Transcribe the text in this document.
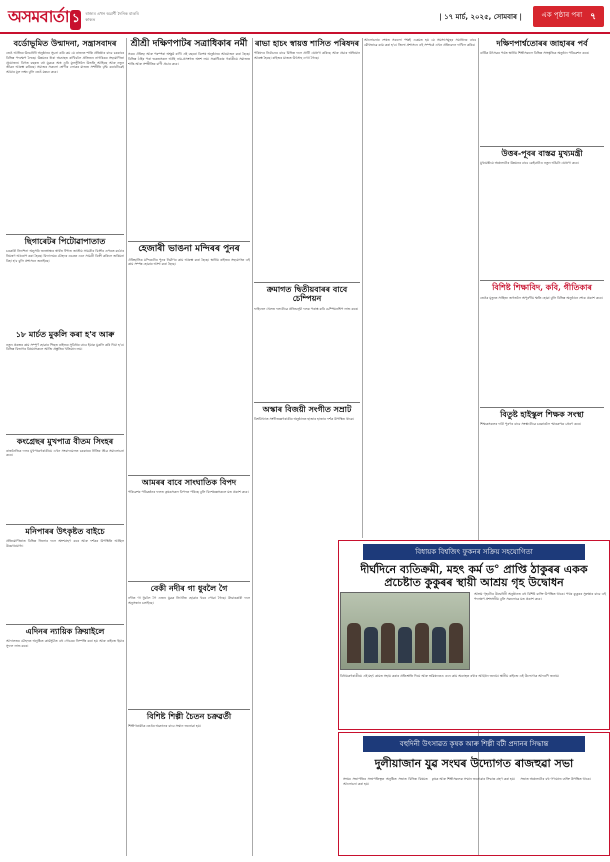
অসমবাৰ্তা ১	ৰাজ্যৰ এখন অগ্ৰণী দৈনিক বাতৰি কাকত	| ১৭ মাৰ্চ, ২০২৫, সোমবাৰ |	এক পৃষ্ঠাৰ পৰা ৭
বৰ্ডোভূমিত উন্মাদনা, সন্ত্ৰাসবাদৰ
তেওঁ আজিৰ উদ্বোধনী অনুষ্ঠানৰ সূচনা কৰি কয় যে ৰাজ্যত শান্তি প্ৰতিষ্ঠাৰ বাবে চৰকাৰে বিভিন্ন পদক্ষেপ লৈছে। উন্নয়নৰ ধাৰা অব্যাহত ৰাখিবলৈ প্ৰতিজন নাগৰিকৰ সহযোগিতা প্ৰয়োজন। বিগত বছৰত বহু যুৱকে অস্ত্ৰ এৰি মূলসুঁতিলৈ উভতি আহিছে আৰু নতুন জীৱন আৰম্ভ কৰিছে। সমাজৰ সকলো শ্ৰেণীৰ লোকৰ মাজত সম্প্ৰীতি বৃদ্ধি কৰাটোৱেই আমাৰ মূল লক্ষ্য বুলি তেওঁ মন্তব্য কৰে।
ছিগাৰেটৰ পিটোৱাপাতাত
চৰকাৰী নিৰ্দেশনা অনুসৰি জনস্বাস্থ্যৰ স্বাৰ্থত ধঁপাত জাতীয় সামগ্ৰীৰ বিক্ৰীৰ ওপৰত কঠোৰ নিয়ন্ত্ৰণ আৰোপ কৰা হৈছে। বিদ্যালয়ৰ চৌহদৰ ওচৰত এনে সামগ্ৰী বিক্ৰী কৰিলে জৰিমনা বিহা হ'ব বুলি প্ৰশাসনে জনাইছে।
১৮ মাৰ্চত মুকলি কৰা হ'ব আৰু
নতুন প্ৰকল্পৰ কাম সম্পূৰ্ণ হোৱাৰ পিছত ৰাইজৰ সুবিধাৰ বাবে ইয়াক মুকলি কৰি দিয়া হ'ব। বিভিন্ন বিভাগৰ বিষয়াসকলে আজি প্ৰস্তুতিৰ খতিয়ান লয়।
কংগ্ৰেছৰ মুখপাত্ৰ বীতম সিংহৰ
ৰাজনৈতিক দলৰ মুখপাত্ৰগৰাকীয়ে এখন সংবাদমেলত চৰকাৰৰ নীতিৰ তীব্ৰ সমালোচনা কৰে।
মনিপাৰৰ উৎকৃষ্টত বাইচে
প্ৰতিযোগিতাত বিভিন্ন জিলাৰ দলে অংশগ্ৰহণ কৰে আৰু দৰ্শকৰ উপস্থিতি আছিল উল্লেখযোগ্য।
এদিনৰ ন্যায়িক ক্ৰিয়াইলে
আদালতৰ চৌহদত অনুষ্ঠিত কাৰ্যসূচীত বহু গোচৰৰ নিষ্পত্তি কৰা হয় আৰু ৰাইজে ইয়াৰ সুফল লাভ কৰে।
শ্ৰীশ্ৰী দক্ষিণপাটৰ সত্ৰাধিকাৰ নৰ্মী
সত্ৰৰ ঐতিহ্য আৰু পৰম্পৰা অক্ষুণ্ণ ৰাখি এই বছৰো বিশেষ অনুষ্ঠানৰ আয়োজন কৰা হৈছে। বিভিন্ন ঠাইৰ পৰা ভকতসকল আহি নাম-প্ৰসংগত অংশ লয়। সত্ৰাধিকাৰ গৰাকীয়ে সমাজত শান্তি আৰু সম্প্ৰীতিৰ বাণী প্ৰচাৰ কৰে।
হেজাৰী ভাঙনা মন্দিৰৰ পুনৰ
ঐতিহাসিক মন্দিৰটোৰ পুনৰ নিৰ্মাণৰ কাম আৰম্ভ কৰা হৈছে। স্থানীয় ৰাইজৰ সহযোগত এই কাম সম্পন্ন হোৱাৰ আশা কৰা হৈছে।
আমৰৰ বাবে সাংঘাতিক বিপদ
পৰিৱেশৰ পৰিৱৰ্তনৰ ফলত কৃষকসকল বিপদত পৰিছে বুলি বিশেষজ্ঞসকলে মত প্ৰকাশ কৰে।
বেকী নদীৰ গা ধুবলৈ গৈ
নদীত গা ধুবলৈ গৈ এজন যুৱক নিখোঁজ হোৱাৰ খবৰ পোৱা গৈছে। উদ্ধাৰকাৰী দলে অনুসন্ধান চলাইছে।
বিশিষ্ট শিল্পী চৈতন চক্ৰৱৰ্তী
শিল্পীগৰাকীক তেওঁৰ অৱদানৰ বাবে সন্মান জনোৱা হয়।
ৰাভা হাচং স্বায়ত্ত শাসিত পৰিষদৰ
পৰিষদৰ নিৰ্বাচনৰ বাবে বিভিন্ন দলে প্ৰাৰ্থী ঘোষণা কৰিছে আৰু প্ৰচাৰ অভিযান আৰম্ভ হৈছে। ৰাইজৰ মাজত উৎসাহ দেখা গৈছে।
ক্ৰমাগত দ্বিতীয়বাৰৰ বাবে চেম্পিয়ন
ফাইনেল খেলত দলটোৱে প্ৰতিদ্বন্দ্বী দলক পৰাস্ত কৰি চেম্পিয়নশ্বিপ লাভ কৰে।
অস্কাৰ বিজয়ী সংগীত সম্ৰাট
বিশ্ববিখ্যাত সংগীতজ্ঞগৰাকীৰ অনুষ্ঠানত হাজাৰ হাজাৰ দৰ্শক উপস্থিত থাকে।
আলোচনাৰ শেষত সকলো পক্ষই একমত হয় যে সমস্যাসমূহৰ সমাধানৰ বাবে যৌথভাৱে কাম কৰা হ'ব। জিলা প্ৰশাসনে এই সম্পৰ্কে এখন প্ৰতিবেদন দাখিল কৰিব।	দক্ষিণপাৰ্শ্বতোৰৰ জাহাৰৰ পৰ্ব
বাৰ্ষিক উৎসৱৰ পৰ্বত স্থানীয় শিল্পীসকলে বিভিন্ন সাংস্কৃতিক অনুষ্ঠান পৰিৱেশন কৰে।
উত্তৰ-পূবৰ বাস্তৱ মুখ্যমন্ত্ৰী
মুখ্যমন্ত্ৰীয়ে অঞ্চলটোৰ উন্নয়নৰ বাবে কেইবাটাও নতুন আঁচনি ঘোষণা কৰে।
বিশিষ্ট শিক্ষাবিদ, কবি, গীতিকাৰ
তেওঁৰ মৃত্যুত সাহিত্য জগতলৈ অপূৰণীয় ক্ষতি হোৱা বুলি বিভিন্ন অনুষ্ঠানে শোক প্ৰকাশ কৰে।
বিতুষ্ট হাইস্কুল শিক্ষক সংস্থা
শিক্ষকসকলৰ দাবী পূৰণৰ বাবে সংস্থাটোৱে চৰকাৰলৈ স্মাৰকপত্ৰ প্ৰেৰণ কৰে।
বিধায়ক বিশ্বজিৎ ফুকনৰ সক্ৰিয় সহযোগিতা
দীৰ্ঘদিনে ব্যতিক্ৰমী, মহৎ কৰ্ম ড° প্ৰাপ্তি ঠাকুৰৰ একক প্ৰচেষ্টাত কুকুৰৰ স্থায়ী আশ্ৰয় গৃহ উদ্বোধন
আশ্ৰয় গৃহটোৰ উদ্বোধনী অনুষ্ঠানত বহু বিশিষ্ট ব্যক্তি উপস্থিত থাকে। পথৰ কুকুৰৰ সুৰক্ষাৰ বাবে এই পদক্ষেপ প্ৰশংসনীয় বুলি সকলোৱে মত প্ৰকাশ কৰে।
বিধায়কগৰাকীয়ে এই মহৎ কামত সহায় কৰাৰ প্ৰতিশ্ৰুতি দিয়ে আৰু ভৱিষ্যতেও এনে কাম অব্যাহত ৰখাৰ আহ্বান জনায়। স্থানীয় ৰাইজে এই উদ্যোগক আদৰণি জনায়।
বহুদিনী উৎসাৱত কৃষক আৰু শিল্পী বটী প্ৰদানৰ সিদ্ধান্ত
দুলীয়াজান যুৱ সংঘৰ উদ্যোগত ৰাজহুৱা সভা
সংঘৰ সভাপতিৰ সভাপতিত্বত অনুষ্ঠিত সভাত বিভিন্ন বিষয়ত আলোচনা কৰা হয়।
কৃষক আৰু শিল্পীসকলক সন্মান জনোৱাৰ সিদ্ধান্ত গ্ৰহণ কৰা হয়।	সভাত অঞ্চলটোৰ বহু গণ্যমান্য ব্যক্তি উপস্থিত থাকে।
